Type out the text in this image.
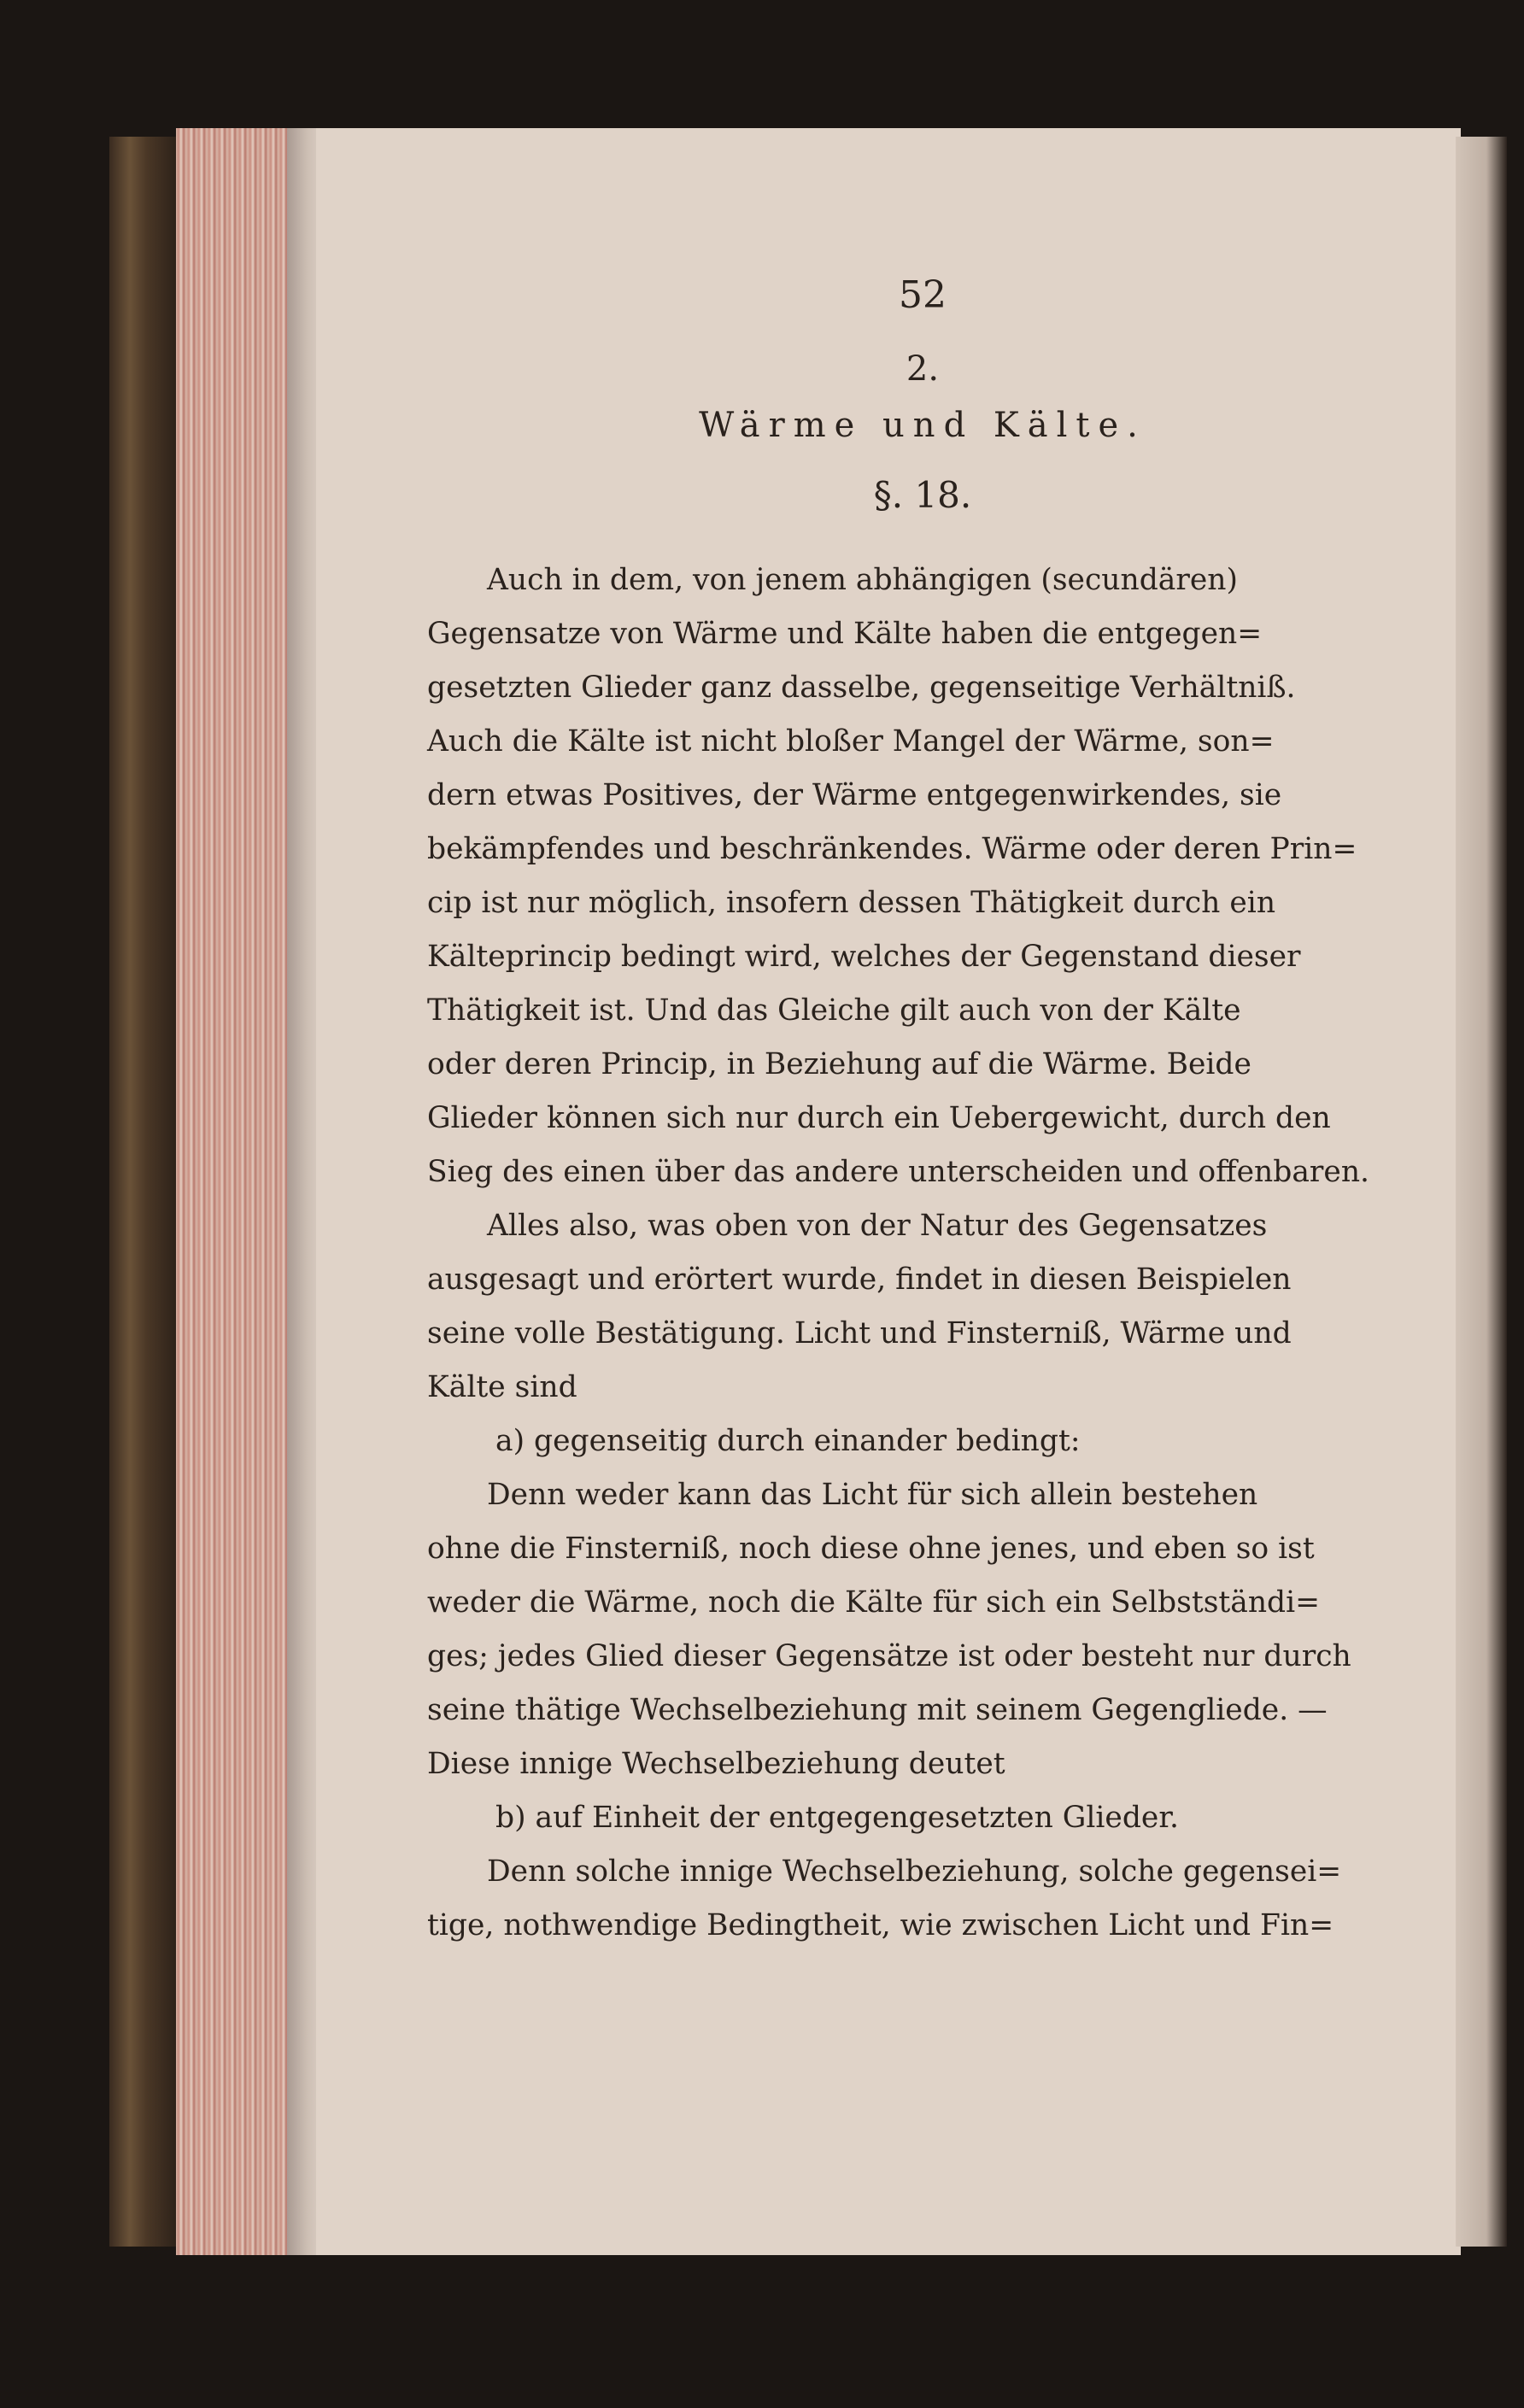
52
2.
Wärme und Kälte.
§. 18.

Auch in dem, von jenem abhängigen (secundären)

Gegensatze von Wärme und Kälte haben die entgegen=

gesetzten Glieder ganz dasselbe, gegenseitige Verhältniß.

Auch die Kälte ist nicht bloßer Mangel der Wärme, son=

dern etwas Positives, der Wärme entgegenwirkendes, sie

bekämpfendes und beschränkendes. Wärme oder deren Prin=

cip ist nur möglich, insofern dessen Thätigkeit durch ein

Kälteprincip bedingt wird, welches der Gegenstand dieser

Thätigkeit ist. Und das Gleiche gilt auch von der Kälte

oder deren Princip, in Beziehung auf die Wärme. Beide

Glieder können sich nur durch ein Uebergewicht, durch den

Sieg des einen über das andere unterscheiden und offenbaren.

Alles also, was oben von der Natur des Gegensatzes

ausgesagt und erörtert wurde, findet in diesen Beispielen

seine volle Bestätigung. Licht und Finsterniß, Wärme und

Kälte sind

a) gegenseitig durch einander bedingt:

Denn weder kann das Licht für sich allein bestehen

ohne die Finsterniß, noch diese ohne jenes, und eben so ist

weder die Wärme, noch die Kälte für sich ein Selbstständi=

ges; jedes Glied dieser Gegensätze ist oder besteht nur durch

seine thätige Wechselbeziehung mit seinem Gegengliede. —

Diese innige Wechselbeziehung deutet

b) auf Einheit der entgegengesetzten Glieder.

Denn solche innige Wechselbeziehung, solche gegensei=

tige, nothwendige Bedingtheit, wie zwischen Licht und Fin=
